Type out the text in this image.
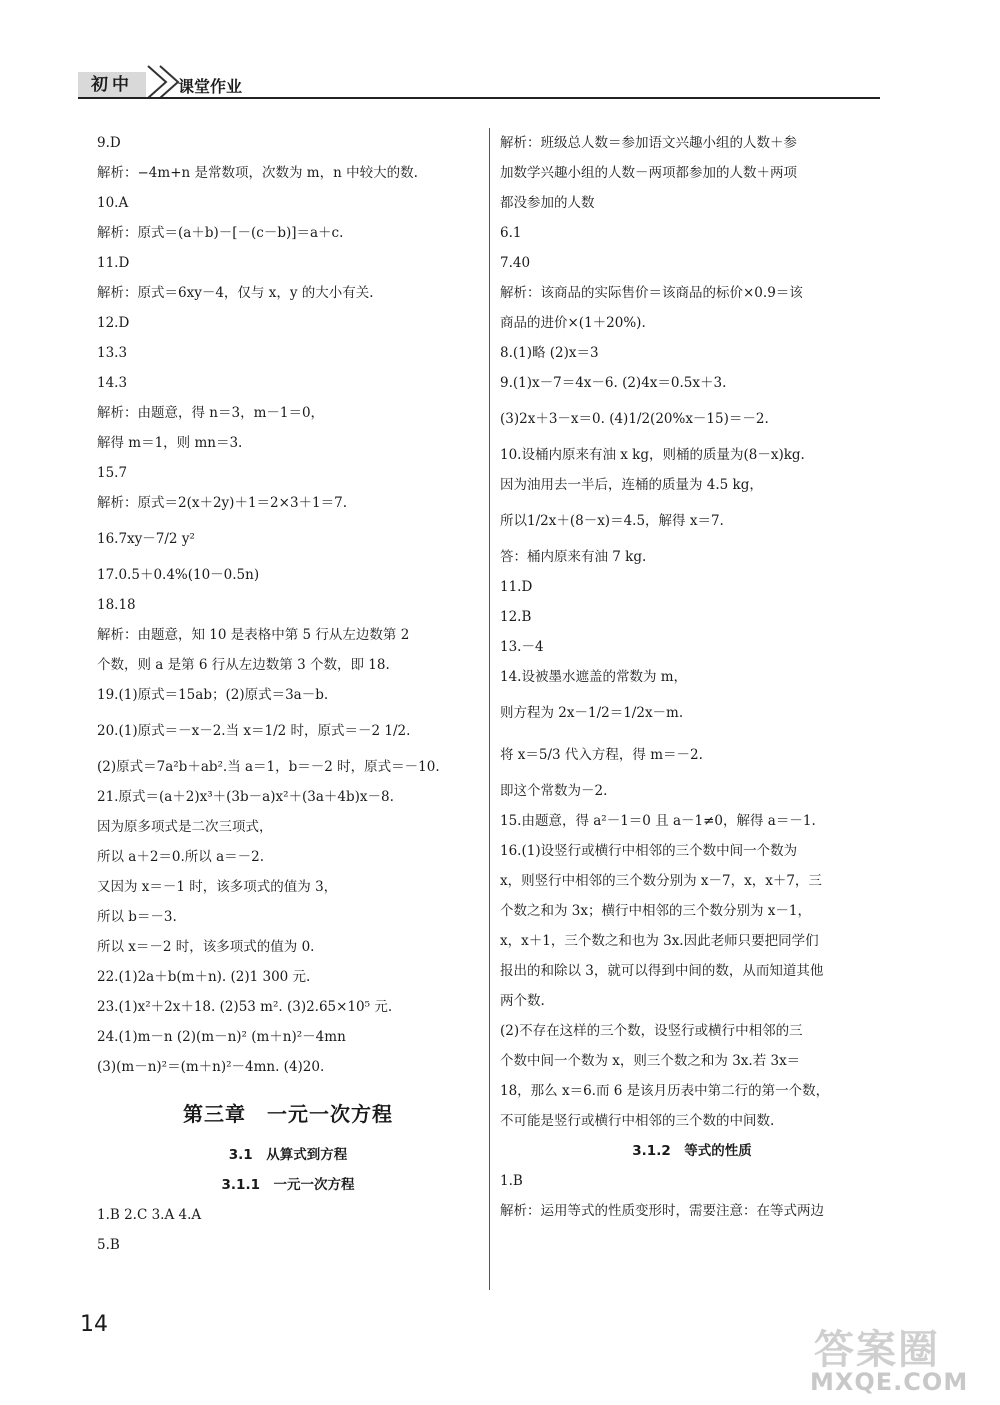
初中	课堂作业
9.D
解析：−4m+n 是常数项，次数为 m，n 中较大的数.
10.A
解析：原式＝(a＋b)－[－(c－b)]＝a＋c.
11.D
解析：原式＝6xy－4，仅与 x，y 的大小有关.
12.D
13.3
14.3
解析：由题意，得 n＝3，m－1＝0，
解得 m＝1，则 mn＝3.
15.7
解析：原式＝2(x＋2y)＋1＝2×3＋1＝7.
16.7xy－7/2 y²
17.0.5＋0.4%(10－0.5n)
18.18
解析：由题意，知 10 是表格中第 5 行从左边数第 2
个数，则 a 是第 6 行从左边数第 3 个数，即 18.
19.(1)原式＝15ab；(2)原式＝3a－b.
20.(1)原式＝－x－2.当 x＝1/2 时，原式＝－2 1/2.
(2)原式＝7a²b＋ab².当 a＝1，b＝－2 时，原式＝－10.
21.原式＝(a＋2)x³＋(3b－a)x²＋(3a＋4b)x－8.
因为原多项式是二次三项式，
所以 a＋2＝0.所以 a＝－2.
又因为 x＝－1 时，该多项式的值为 3，
所以 b＝－3.
所以 x＝－2 时，该多项式的值为 0.
22.(1)2a＋b(m＋n). (2)1 300 元.
23.(1)x²＋2x＋18. (2)53 m². (3)2.65×10⁵ 元.
24.(1)m－n (2)(m－n)² (m＋n)²－4mn
(3)(m－n)²＝(m＋n)²－4mn. (4)20.
第三章　一元一次方程
3.1　从算式到方程
3.1.1　一元一次方程
1.B 2.C 3.A 4.A
5.B
解析：班级总人数＝参加语文兴趣小组的人数＋参
加数学兴趣小组的人数－两项都参加的人数＋两项
都没参加的人数
6.1
7.40
解析：该商品的实际售价＝该商品的标价×0.9＝该
商品的进价×(1＋20%).
8.(1)略 (2)x＝3
9.(1)x－7＝4x－6. (2)4x＝0.5x＋3.
(3)2x＋3－x＝0. (4)1/2(20%x－15)＝－2.
10.设桶内原来有油 x kg，则桶的质量为(8－x)kg.
因为油用去一半后，连桶的质量为 4.5 kg，
所以1/2x＋(8－x)＝4.5，解得 x＝7.
答：桶内原来有油 7 kg.
11.D
12.B
13.－4
14.设被墨水遮盖的常数为 m，
则方程为 2x－1/2＝1/2x－m.
将 x＝5/3 代入方程，得 m＝－2.
即这个常数为－2.
15.由题意，得 a²－1＝0 且 a－1≠0，解得 a＝－1.
16.(1)设竖行或横行中相邻的三个数中间一个数为
x，则竖行中相邻的三个数分别为 x－7，x，x＋7，三
个数之和为 3x；横行中相邻的三个数分别为 x－1，
x，x＋1，三个数之和也为 3x.因此老师只要把同学们
报出的和除以 3，就可以得到中间的数，从而知道其他
两个数.
(2)不存在这样的三个数，设竖行或横行中相邻的三
个数中间一个数为 x，则三个数之和为 3x.若 3x＝
18，那么 x＝6.而 6 是该月历表中第二行的第一个数，
不可能是竖行或横行中相邻的三个数的中间数.
3.1.2　等式的性质
1.B
解析：运用等式的性质变形时，需要注意：在等式两边
14
答案圈
MXQE.COM
